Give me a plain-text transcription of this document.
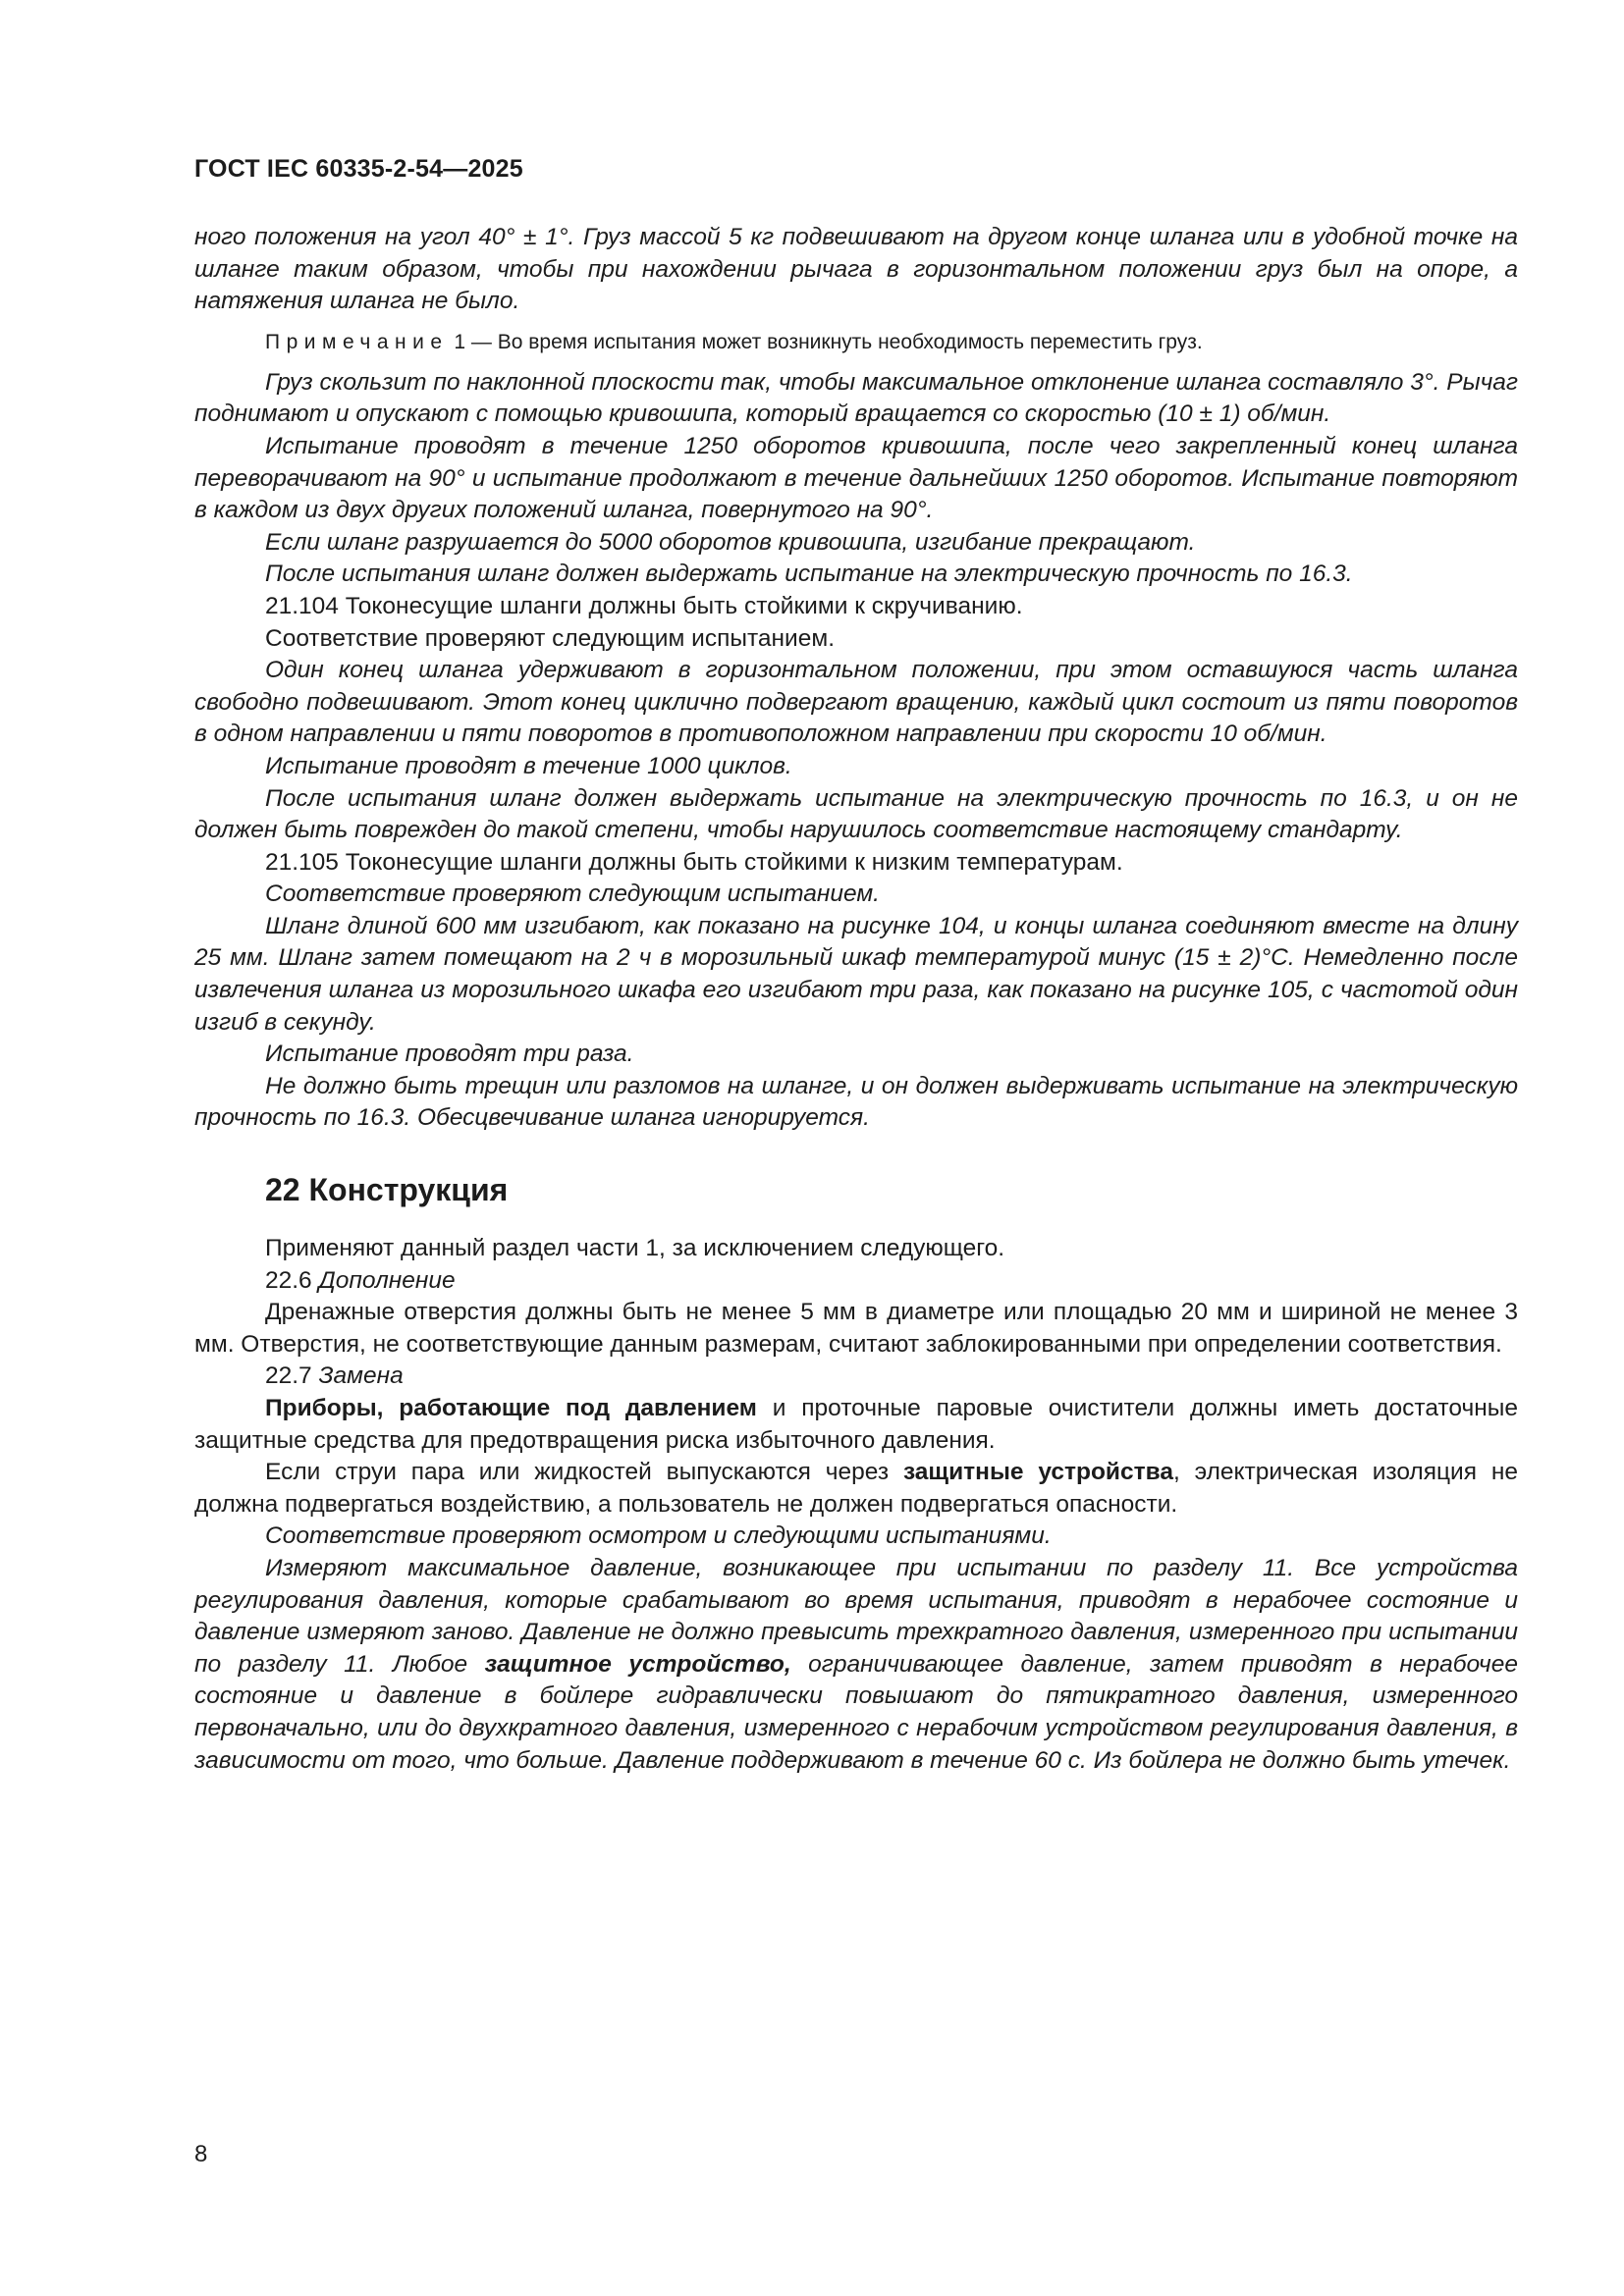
ГОСТ IEC 60335-2-54—2025

ного положения на угол 40° ± 1°. Груз массой 5 кг подвешивают на другом конце шланга или в удобной точке на шланге таким образом, чтобы при нахождении рычага в горизонтальном положении груз был на опоре, а натяжения шланга не было.

Примечание 1 — Во время испытания может возникнуть необходимость переместить груз.

Груз скользит по наклонной плоскости так, чтобы максимальное отклонение шланга составляло 3°. Рычаг поднимают и опускают с помощью кривошипа, который вращается со скоростью (10 ± 1) об/мин.

Испытание проводят в течение 1250 оборотов кривошипа, после чего закрепленный конец шланга переворачивают на 90° и испытание продолжают в течение дальнейших 1250 оборотов. Испытание повторяют в каждом из двух других положений шланга, повернутого на 90°.

Если шланг разрушается до 5000 оборотов кривошипа, изгибание прекращают.

После испытания шланг должен выдержать испытание на электрическую прочность по 16.3.

21.104 Токонесущие шланги должны быть стойкими к скручиванию.

Соответствие проверяют следующим испытанием.

Один конец шланга удерживают в горизонтальном положении, при этом оставшуюся часть шланга свободно подвешивают. Этот конец циклично подвергают вращению, каждый цикл состоит из пяти поворотов в одном направлении и пяти поворотов в противоположном направлении при скорости 10 об/мин.

Испытание проводят в течение 1000 циклов.

После испытания шланг должен выдержать испытание на электрическую прочность по 16.3, и он не должен быть поврежден до такой степени, чтобы нарушилось соответствие настоящему стандарту.

21.105 Токонесущие шланги должны быть стойкими к низким температурам.

Соответствие проверяют следующим испытанием.

Шланг длиной 600 мм изгибают, как показано на рисунке 104, и концы шланга соединяют вместе на длину 25 мм. Шланг затем помещают на 2 ч в морозильный шкаф температурой минус (15 ± 2)°С. Немедленно после извлечения шланга из морозильного шкафа его изгибают три раза, как показано на рисунке 105, с частотой один изгиб в секунду.

Испытание проводят три раза.

Не должно быть трещин или разломов на шланге, и он должен выдерживать испытание на электрическую прочность по 16.3. Обесцвечивание шланга игнорируется.

22 Конструкция

Применяют данный раздел части 1, за исключением следующего.

22.6 Дополнение

Дренажные отверстия должны быть не менее 5 мм в диаметре или площадью 20 мм и шириной не менее 3 мм. Отверстия, не соответствующие данным размерам, считают заблокированными при определении соответствия.

22.7 Замена

Приборы, работающие под давлением и проточные паровые очистители должны иметь достаточные защитные средства для предотвращения риска избыточного давления.

Если струи пара или жидкостей выпускаются через защитные устройства, электрическая изоляция не должна подвергаться воздействию, а пользователь не должен подвергаться опасности.

Соответствие проверяют осмотром и следующими испытаниями.

Измеряют максимальное давление, возникающее при испытании по разделу 11. Все устройства регулирования давления, которые срабатывают во время испытания, приводят в нерабочее состояние и давление измеряют заново. Давление не должно превысить трехкратного давления, измеренного при испытании по разделу 11. Любое защитное устройство, ограничивающее давление, затем приводят в нерабочее состояние и давление в бойлере гидравлически повышают до пятикратного давления, измеренного первоначально, или до двухкратного давления, измеренного с нерабочим устройством регулирования давления, в зависимости от того, что больше. Давление поддерживают в течение 60 с. Из бойлера не должно быть утечек.

8
